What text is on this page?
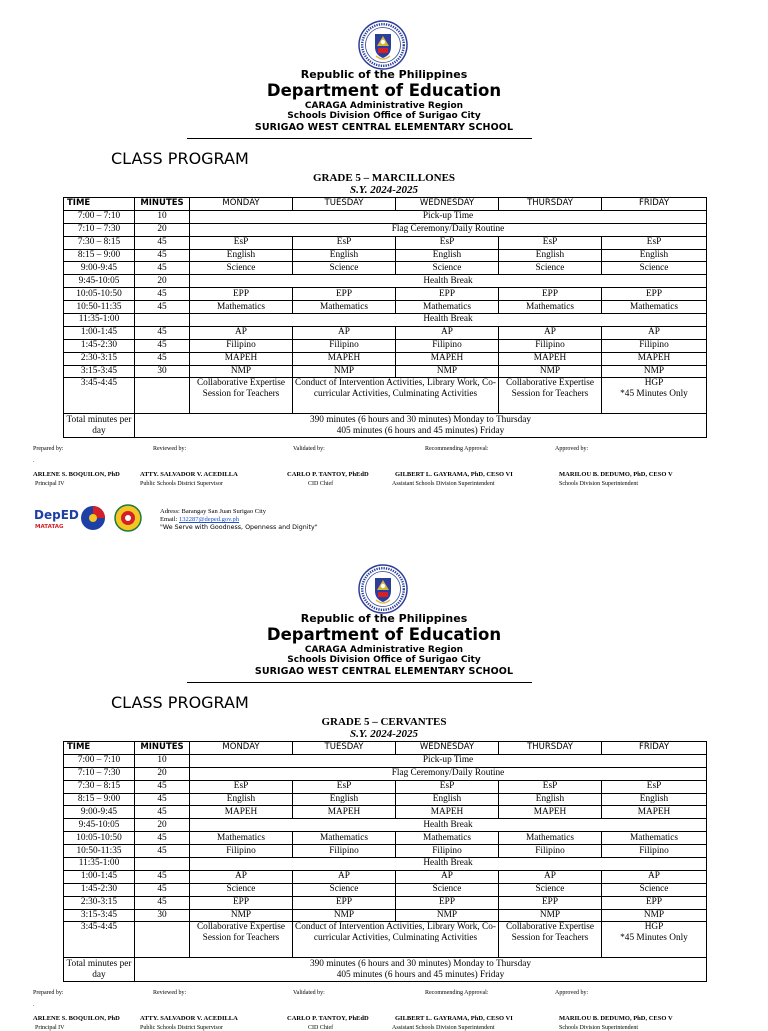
Republic of the Philippines
Department of Education
CARAGA Administrative Region
Schools Division Office of Surigao City
SURIGAO WEST CENTRAL ELEMENTARY SCHOOL
CLASS PROGRAM
GRADE 5 – MARCILLONES
S.Y. 2024-2025
TIME	MINUTES	MONDAY	TUESDAY	WEDNESDAY	THURSDAY	FRIDAY
7:00 – 7:10	10	Pick-up Time				
7:10 – 7:30	20	Flag Ceremony/Daily Routine				
7:30 – 8:15	45	EsP	EsP	EsP	EsP	EsP
8:15 – 9:00	45	English	English	English	English	English
9:00-9:45	45	Science	Science	Science	Science	Science
9:45-10:05	20	Health Break				
10:05-10:50	45	EPP	EPP	EPP	EPP	EPP
10:50-11:35	45	Mathematics	Mathematics	Mathematics	Mathematics	Mathematics
11:35-1:00		Health Break				
1:00-1:45	45	AP	AP	AP	AP	AP
1:45-2:30	45	Filipino	Filipino	Filipino	Filipino	Filipino
2:30-3:15	45	MAPEH	MAPEH	MAPEH	MAPEH	MAPEH
3:15-3:45	30	NMP	NMP	NMP	NMP	NMP
3:45-4:45		Collaborative Expertise Session for Teachers	Conduct of Intervention Activities, Library Work, Co-curricular Activities, Culminating Activities		Collaborative Expertise Session for Teachers	HGP
*45 Minutes Only

Total minutes per day	390 minutes (6 hours and 30 minutes) Monday to Thursday
405 minutes (6 hours and 45 minutes) Friday					
Prepared by:	Reviewed by:	Validated by:	Recommending Approval:	Approved by:
.
ARLENE S. BOQUILON, PhD	ATTY. SALVADOR V. ACEDILLA	CARLO P. TANTOY, PhEdD	GILBERT L. GAYRAMA, PhD, CESO VI	MARILOU B. DEDUMO, PhD, CESO V
Principal IV	Public Schools District Supervisor	CID Chief	Assistant Schools Division Superintendent	Schools Division Superintendent
DepED
MATATAG
Adress: Barangay San Juan Surigao City
Email: 132287@deped.gov.ph
"We Serve with Goodness, Openness and Dignity"
Republic of the Philippines
Department of Education
CARAGA Administrative Region
Schools Division Office of Surigao City
SURIGAO WEST CENTRAL ELEMENTARY SCHOOL
CLASS PROGRAM
GRADE 5 – CERVANTES
S.Y. 2024-2025
TIME	MINUTES	MONDAY	TUESDAY	WEDNESDAY	THURSDAY	FRIDAY
7:00 – 7:10	10	Pick-up Time				
7:10 – 7:30	20	Flag Ceremony/Daily Routine				
7:30 – 8:15	45	EsP	EsP	EsP	EsP	EsP
8:15 – 9:00	45	English	English	English	English	English
9:00-9:45	45	MAPEH	MAPEH	MAPEH	MAPEH	MAPEH
9:45-10:05	20	Health Break				
10:05-10:50	45	Mathematics	Mathematics	Mathematics	Mathematics	Mathematics
10:50-11:35	45	Filipino	Filipino	Filipino	Filipino	Filipino
11:35-1:00		Health Break				
1:00-1:45	45	AP	AP	AP	AP	AP
1:45-2:30	45	Science	Science	Science	Science	Science
2:30-3:15	45	EPP	EPP	EPP	EPP	EPP
3:15-3:45	30	NMP	NMP	NMP	NMP	NMP
3:45-4:45		Collaborative Expertise Session for Teachers	Conduct of Intervention Activities, Library Work, Co-curricular Activities, Culminating Activities		Collaborative Expertise Session for Teachers	HGP
*45 Minutes Only

Total minutes per day	390 minutes (6 hours and 30 minutes) Monday to Thursday
405 minutes (6 hours and 45 minutes) Friday					
Prepared by:	Reviewed by:	Validated by:	Recommending Approval:	Approved by:
.
ARLENE S. BOQUILON, PhD	ATTY. SALVADOR V. ACEDILLA	CARLO P. TANTOY, PhEdD	GILBERT L. GAYRAMA, PhD, CESO VI	MARILOU B. DEDUMO, PhD, CESO V
Principal IV	Public Schools District Supervisor	CID Chief	Assistant Schools Division Superintendent	Schools Division Superintendent
